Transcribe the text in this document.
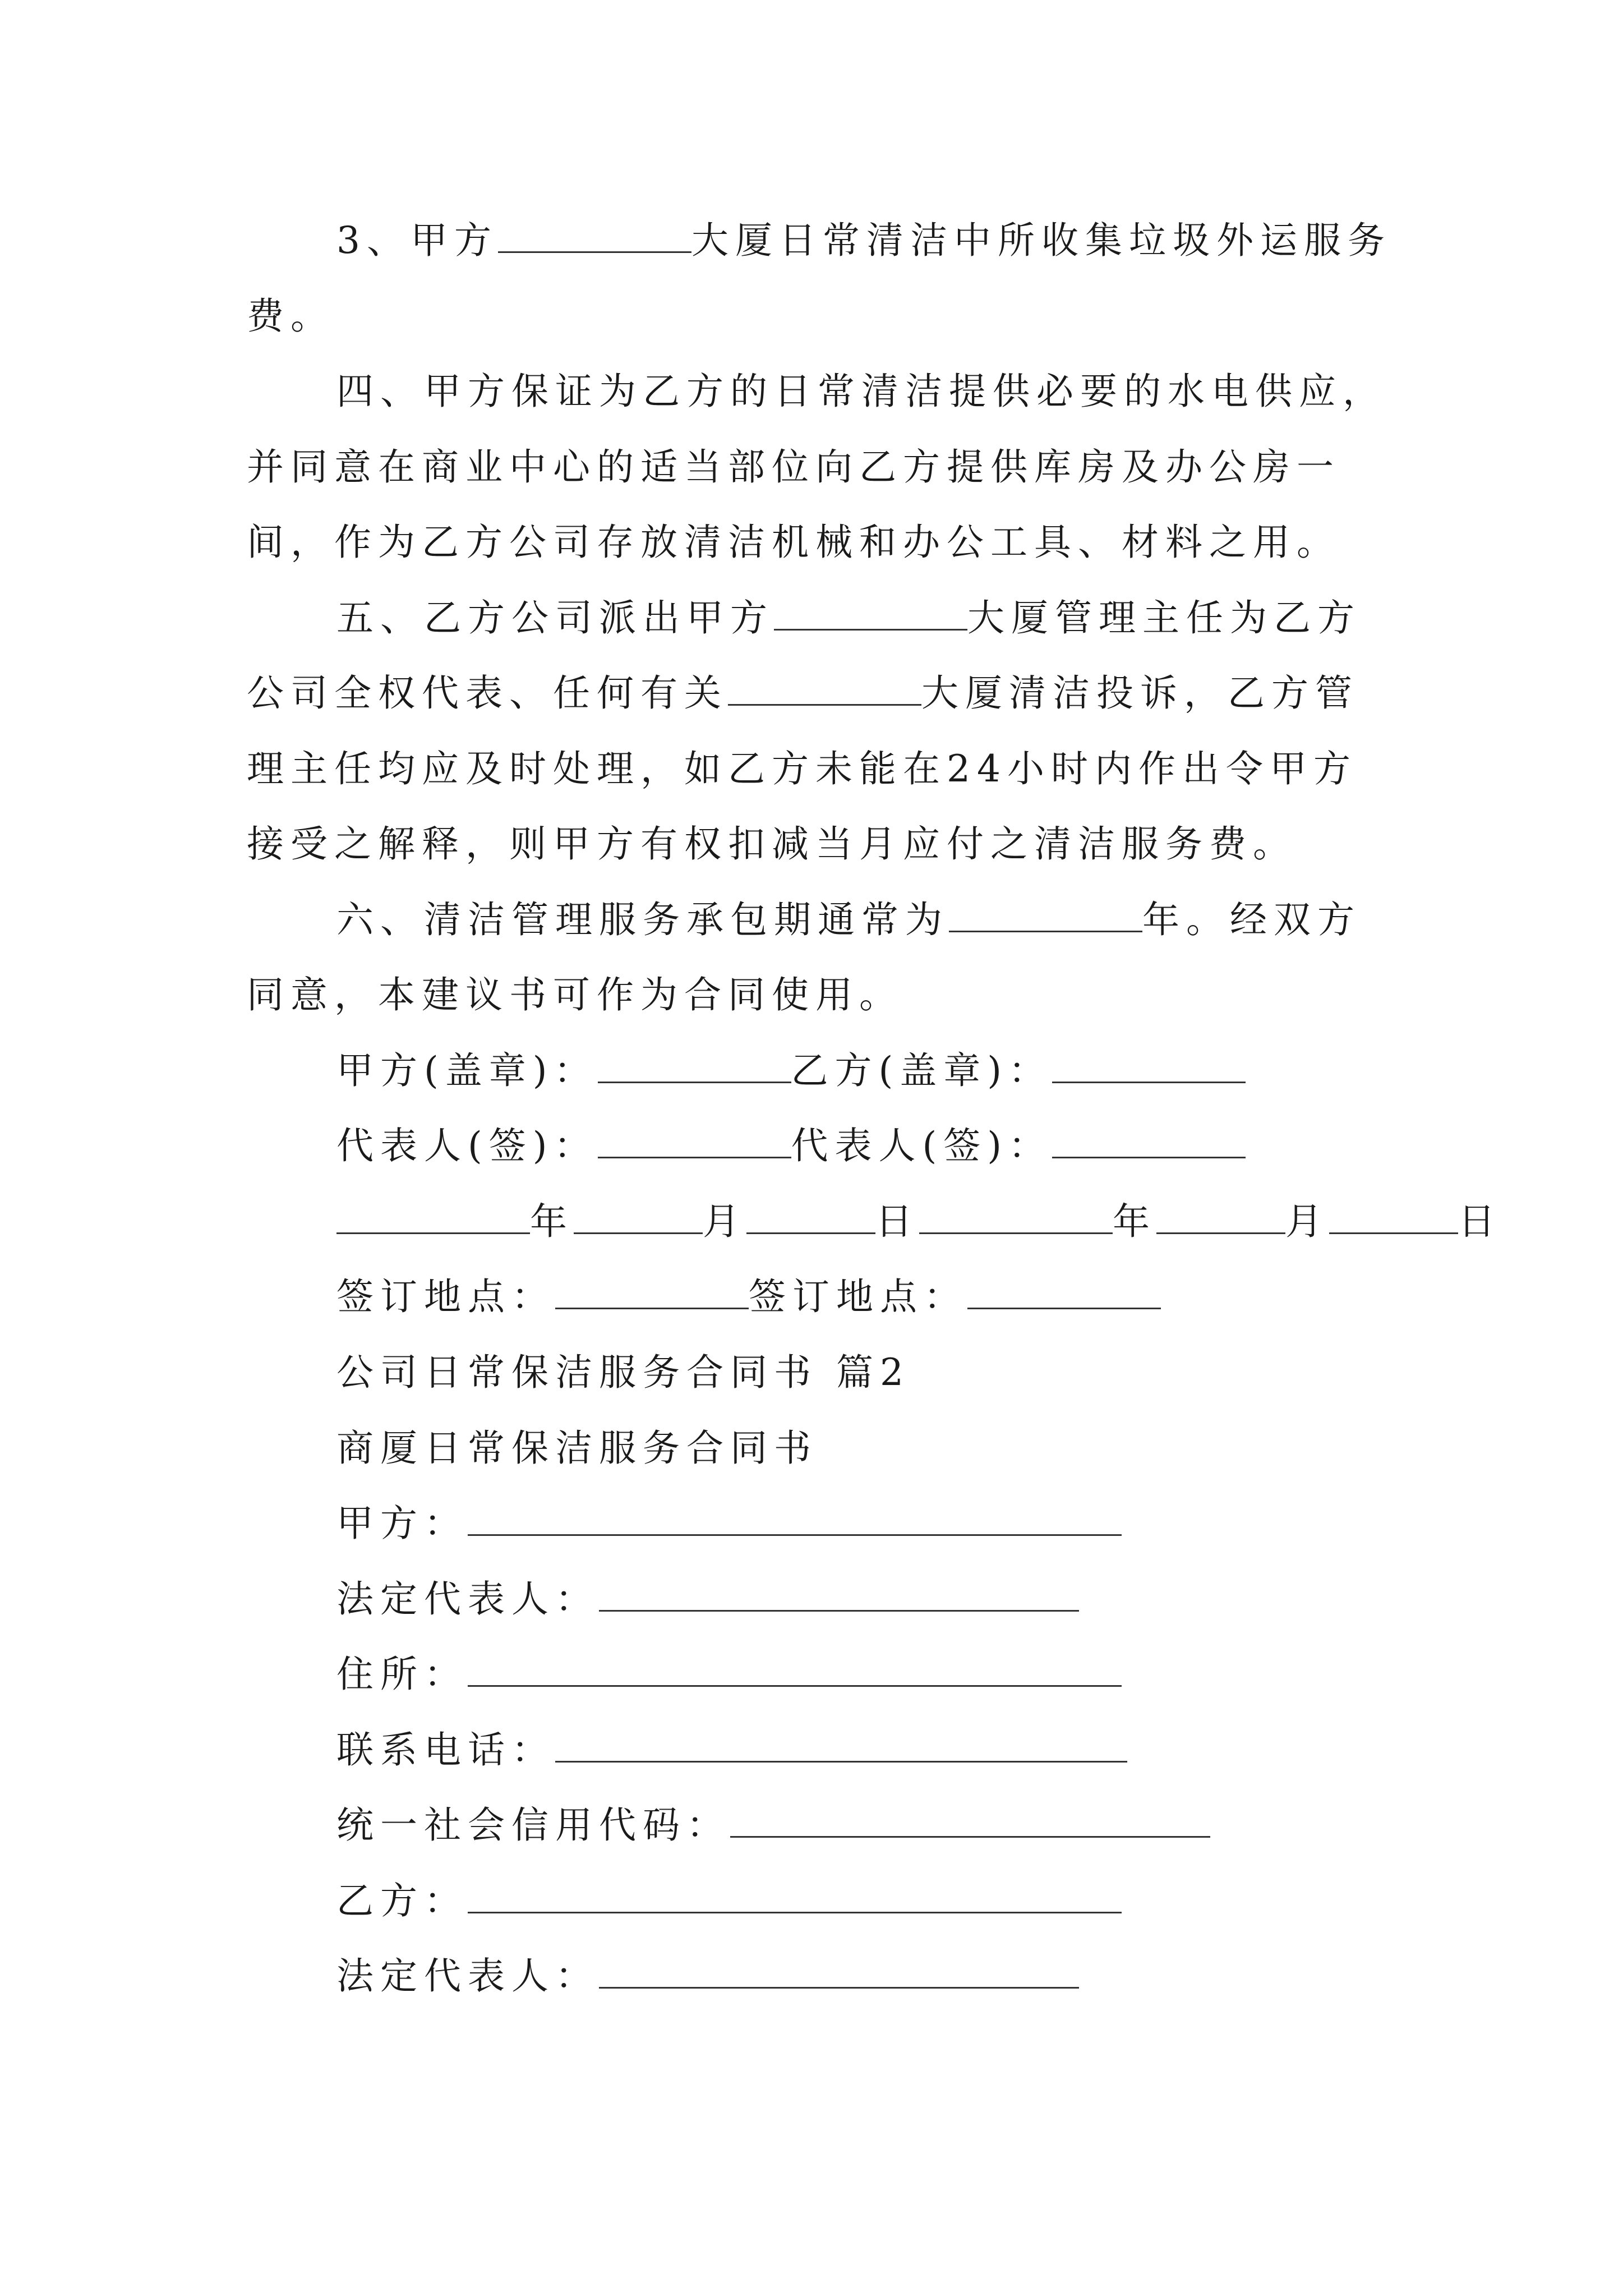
3、甲方	大厦日常清洁中所收集垃圾外运服务
费。
四、甲方保证为乙方的日常清洁提供必要的水电供应，
并同意在商业中心的适当部位向乙方提供库房及办公房一
间，作为乙方公司存放清洁机械和办公工具、材料之用。
五、乙方公司派出甲方	大厦管理主任为乙方
公司全权代表、任何有关	大厦清洁投诉，乙方管
理主任均应及时处理，如乙方未能在24小时内作出令甲方
接受之解释，则甲方有权扣减当月应付之清洁服务费。
六、清洁管理服务承包期通常为	年。经双方
同意，本建议书可作为合同使用。
甲方(盖章)：	乙方(盖章)：
代表人(签)：	代表人(签)：
年	月	日	年	月	日
签订地点：	签订地点：
公司日常保洁服务合同书 篇2
商厦日常保洁服务合同书
甲方：
法定代表人：
住所：
联系电话：
统一社会信用代码：
乙方：
法定代表人：
